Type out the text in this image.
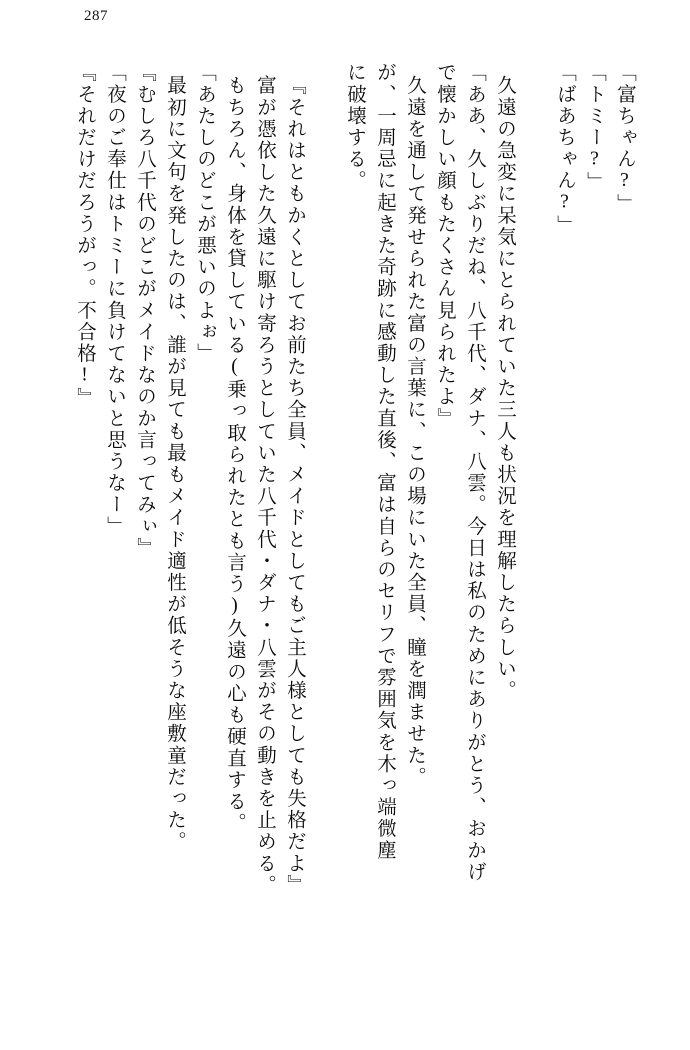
287
「富ちゃん?」
「トミー?」
「ばあちゃん?」
久遠の急変に呆気にとられていた三人も状況を理解したらしい。
「ああ、久しぶりだね、八千代、ダナ、八雲。今日は私のためにありがとう、おかげ
で懐かしい顔もたくさん見られたよ』
久遠を通して発せられた富の言葉に、この場にいた全員、瞳を潤ませた。
が、一周忌に起きた奇跡に感動した直後、富は自らのセリフで雰囲気を木っ端微塵
に破壊する。
『それはともかくとしてお前たち全員、メイドとしてもご主人様としても失格だよ』
富が憑依した久遠に駆け寄ろうとしていた八千代・ダナ・八雲がその動きを止める。
もちろん、身体を貸している(乗っ取られたとも言う)久遠の心も硬直する。
「あたしのどこが悪いのよぉ」
最初に文句を発したのは、誰が見ても最もメイド適性が低そうな座敷童だった。
『むしろ八千代のどこがメイドなのか言ってみぃ』
「夜のご奉仕はトミーに負けてないと思うなー」
『それだけだろうがっ。不合格!』
